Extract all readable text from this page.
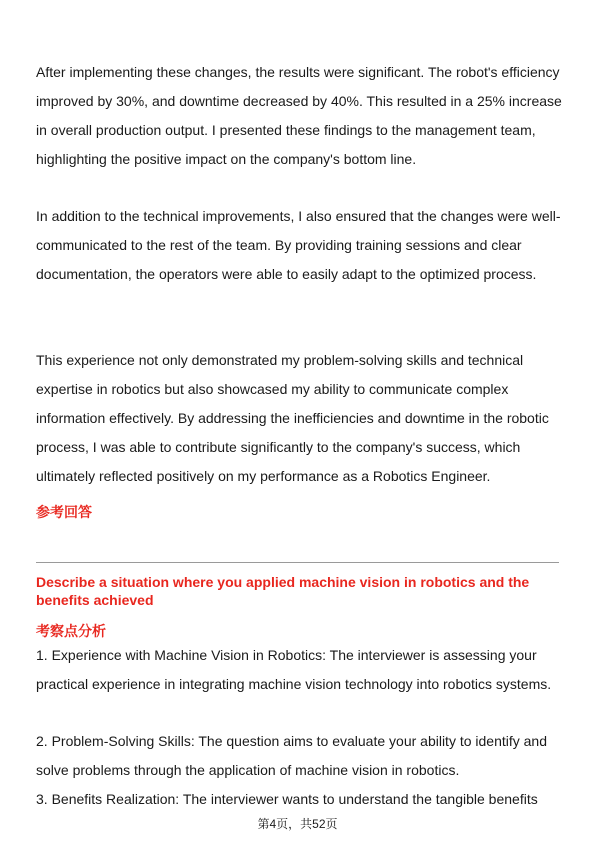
After implementing these changes, the results were significant. The robot's efficiency improved by 30%, and downtime decreased by 40%. This resulted in a 25% increase in overall production output. I presented these findings to the management team, highlighting the positive impact on the company's bottom line.

In addition to the technical improvements, I also ensured that the changes were well-communicated to the rest of the team. By providing training sessions and clear documentation, the operators were able to easily adapt to the optimized process.

This experience not only demonstrated my problem-solving skills and technical expertise in robotics but also showcased my ability to communicate complex information effectively. By addressing the inefficiencies and downtime in the robotic process, I was able to contribute significantly to the company's success, which ultimately reflected positively on my performance as a Robotics Engineer.

参考回答

Describe a situation where you applied machine vision in robotics and the benefits achieved

考察点分析

1. Experience with Machine Vision in Robotics: The interviewer is assessing your practical experience in integrating machine vision technology into robotics systems.

2. Problem-Solving Skills: The question aims to evaluate your ability to identify and solve problems through the application of machine vision in robotics.

3. Benefits Realization: The interviewer wants to understand the tangible benefits

第4页，共52页
